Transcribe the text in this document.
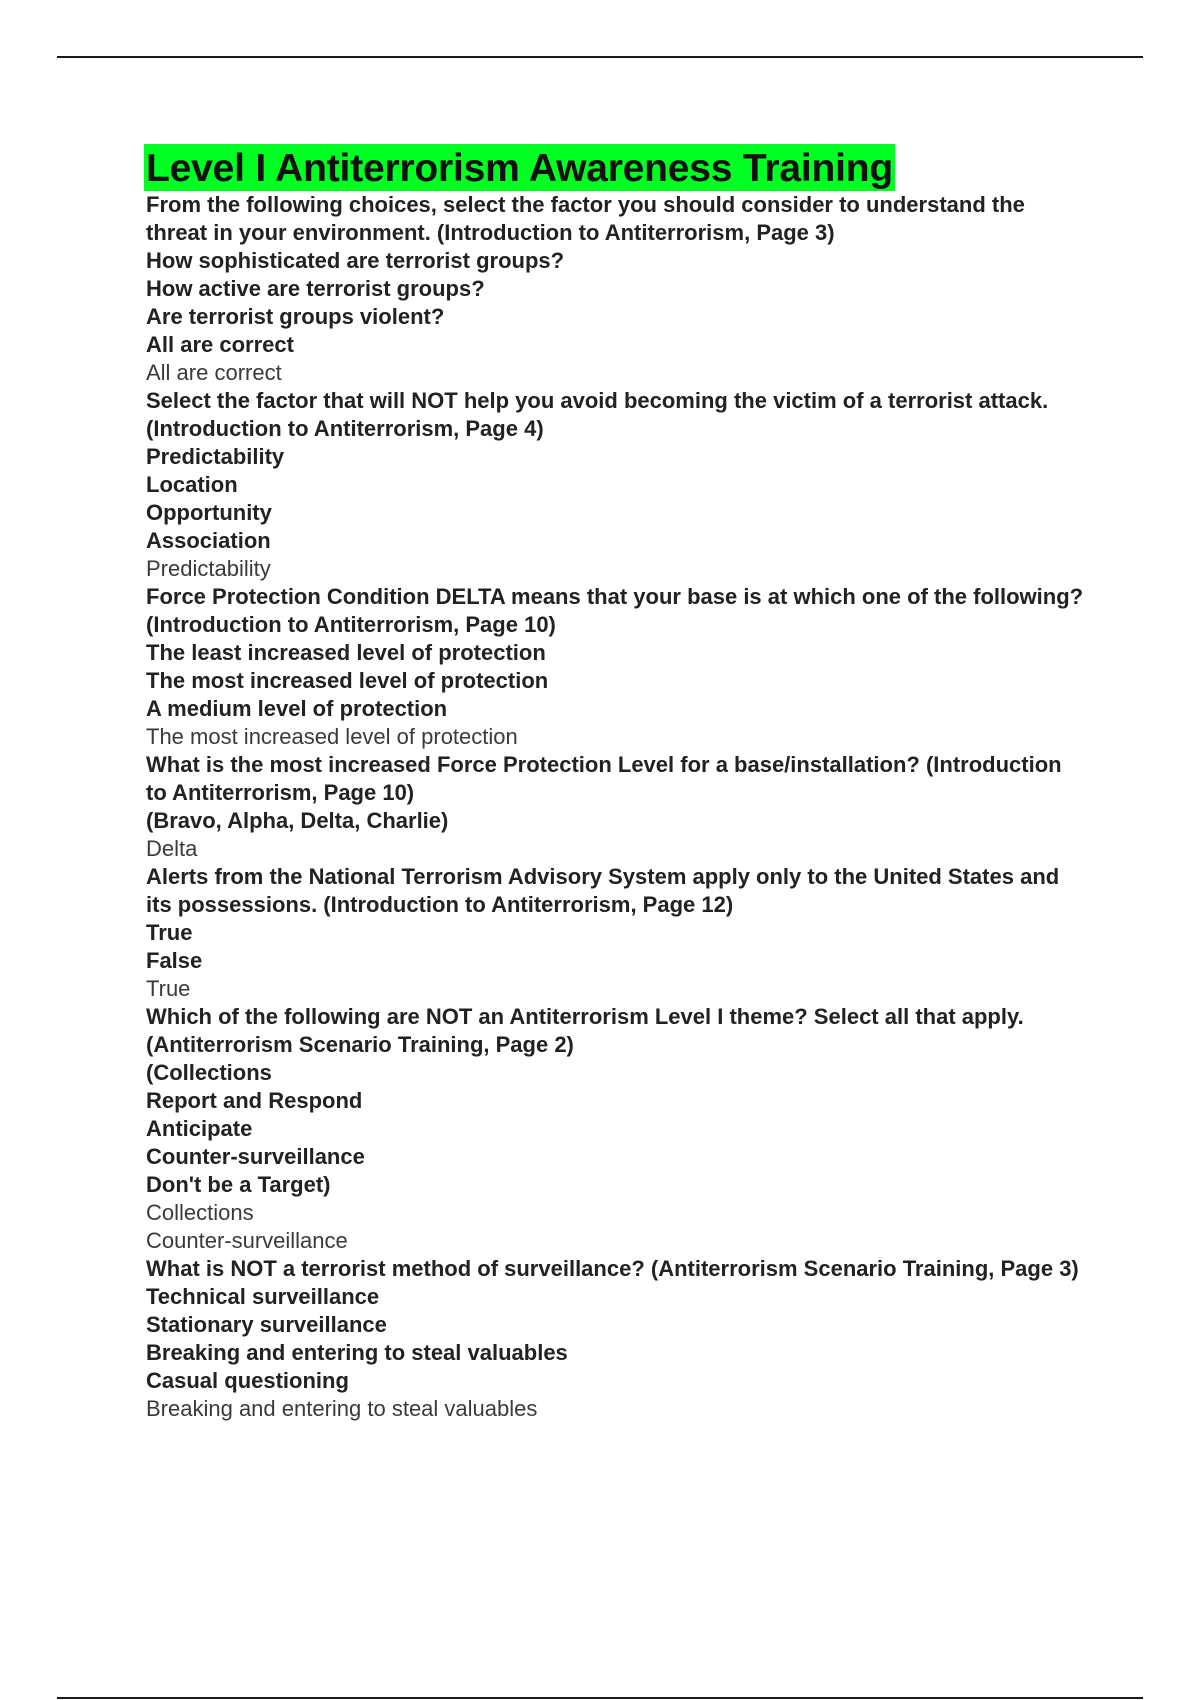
Level I Antiterrorism Awareness Training

From the following choices, select the factor you should consider to understand the threat in your environment. (Introduction to Antiterrorism, Page 3)

How sophisticated are terrorist groups?

How active are terrorist groups?

Are terrorist groups violent?

All are correct

All are correct

Select the factor that will NOT help you avoid becoming the victim of a terrorist attack. (Introduction to Antiterrorism, Page 4)

Predictability

Location

Opportunity

Association

Predictability

Force Protection Condition DELTA means that your base is at which one of the following? (Introduction to Antiterrorism, Page 10)

The least increased level of protection

The most increased level of protection

A medium level of protection

The most increased level of protection

What is the most increased Force Protection Level for a base/installation? (Introduction to Antiterrorism, Page 10)

(Bravo, Alpha, Delta, Charlie)

Delta

Alerts from the National Terrorism Advisory System apply only to the United States and its possessions. (Introduction to Antiterrorism, Page 12)

True

False

True

Which of the following are NOT an Antiterrorism Level I theme? Select all that apply. (Antiterrorism Scenario Training, Page 2)

(Collections

Report and Respond

Anticipate

Counter-surveillance

Don't be a Target)

Collections

Counter-surveillance

What is NOT a terrorist method of surveillance? (Antiterrorism Scenario Training, Page 3)

Technical surveillance

Stationary surveillance

Breaking and entering to steal valuables

Casual questioning

Breaking and entering to steal valuables
